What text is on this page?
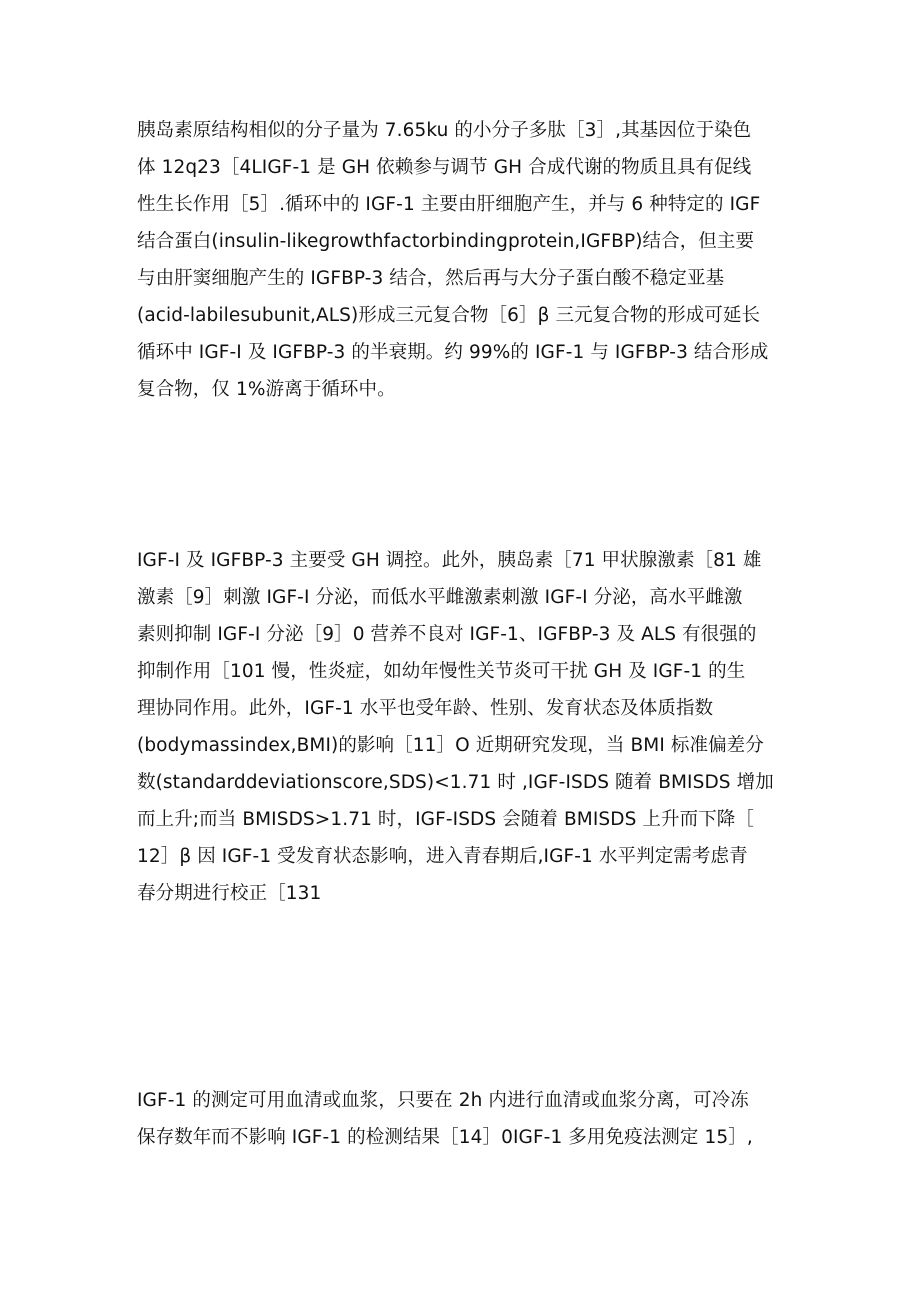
胰岛素原结构相似的分子量为 7.65ku 的小分子多肽［3］,其基因位于染色
体 12q23［4LIGF-1 是 GH 依赖参与调节 GH 合成代谢的物质且具有促线
性生长作用［5］.循环中的 IGF-1 主要由肝细胞产生，并与 6 种特定的 IGF
结合蛋白(insulin-likegrowthfactorbindingprotein,IGFBP)结合，但主要
与由肝窦细胞产生的 IGFBP-3 结合，然后再与大分子蛋白酸不稳定亚基
(acid-labilesubunit,ALS)形成三元复合物［6］β 三元复合物的形成可延长
循环中 IGF-I 及 IGFBP-3 的半衰期。约 99%的 IGF-1 与 IGFBP-3 结合形成
复合物，仅 1%游离于循环中。
IGF-I 及 IGFBP-3 主要受 GH 调控。此外，胰岛素［71 甲状腺激素［81 雄
激素［9］刺激 IGF-I 分泌，而低水平雌激素刺激 IGF-I 分泌，高水平雌激
素则抑制 IGF-I 分泌［9］0 营养不良对 IGF-1、IGFBP-3 及 ALS 有很强的
抑制作用［101 慢，性炎症，如幼年慢性关节炎可干扰 GH 及 IGF-1 的生
理协同作用。此外，IGF-1 水平也受年龄、性别、发育状态及体质指数
(bodymassindex,BMI)的影响［11］O 近期研究发现，当 BMI 标准偏差分
数(standarddeviationscore,SDS)<1.71 时 ,IGF-ISDS 随着 BMISDS 增加
而上升;而当 BMISDS>1.71 时，IGF-ISDS 会随着 BMISDS 上升而下降［
12］β 因 IGF-1 受发育状态影响，进入青春期后,IGF-1 水平判定需考虑青
春分期进行校正［131
IGF-1 的测定可用血清或血浆，只要在 2h 内进行血清或血浆分离，可冷冻
保存数年而不影响 IGF-1 的检测结果［14］0IGF-1 多用免疫法测定 15］,
